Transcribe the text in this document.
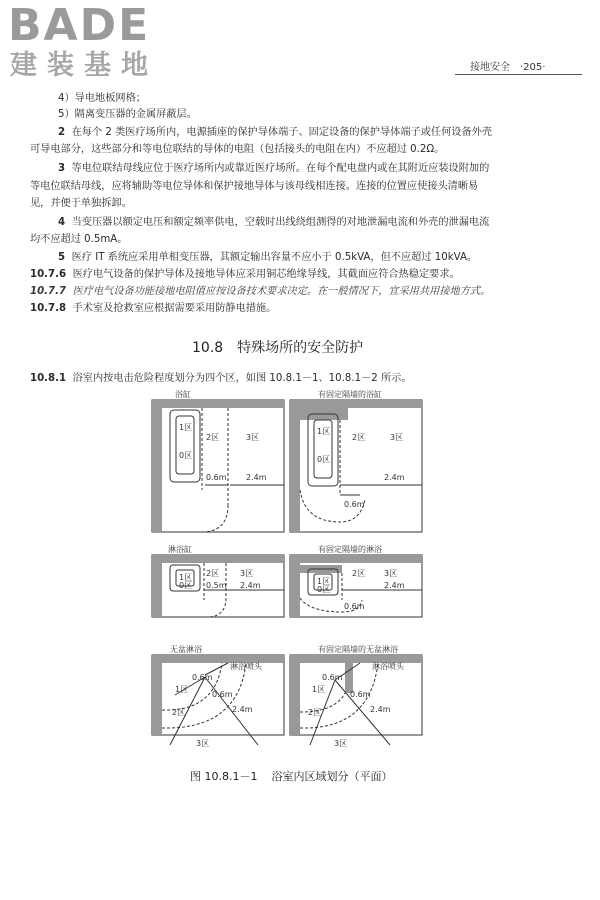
BADE
建装基地	接地安全 ·205·
4）导电地板网格；
5）隔离变压器的金属屏蔽层。
2 在每个 2 类医疗场所内，电源插座的保护导体端子、固定设备的保护导体端子或任何设备外壳
可导电部分，这些部分和等电位联结的导体的电阻（包括接头的电阻在内）不应超过 0.2Ω。
3 等电位联结母线应位于医疗场所内或靠近医疗场所。在每个配电盘内或在其附近应装设附加的
等电位联结母线，应将辅助等电位导体和保护接地导体与该母线相连接。连接的位置应使接头清晰易
见，并便于单独拆卸。
4 当变压器以额定电压和额定频率供电，空载时出线绕组测得的对地泄漏电流和外壳的泄漏电流
均不应超过 0.5mA。
5 医疗 IT 系统应采用单相变压器，其额定输出容量不应小于 0.5kVA，但不应超过 10kVA。
10.7.6 医疗电气设备的保护导体及接地导体应采用铜芯绝缘导线，其截面应符合热稳定要求。
10.7.7 医疗电气设备功能接地电阻值应按设备技术要求决定。在一般情况下，宜采用共用接地方式。
10.7.8 手术室及抢救室应根据需要采用防静电措施。
10.8 特殊场所的安全防护
10.8.1 浴室内按电击危险程度划分为四个区，如图 10.8.1－1、10.8.1－2 所示。
浴缸	有固定隔墙的浴缸
淋浴缸	有固定隔墙的淋浴
无盆淋浴	有固定隔墙的无盆淋浴
1区
0区
2区	3区
0.6m 2.4m
1区
0区
2区	3区
2.4m
0.6m
1区
0区
2区	3区
0.5m 2.4m	1区
0区
2区 3区
2.4m
0.6m
淋浴喷头
0.6m
0.6m
1区
2区	2.4m
3区
淋浴喷头
0.6m
1区
0.6m
2区	2.4m
3区
图 10.8.1－1 浴室内区域划分（平面）
